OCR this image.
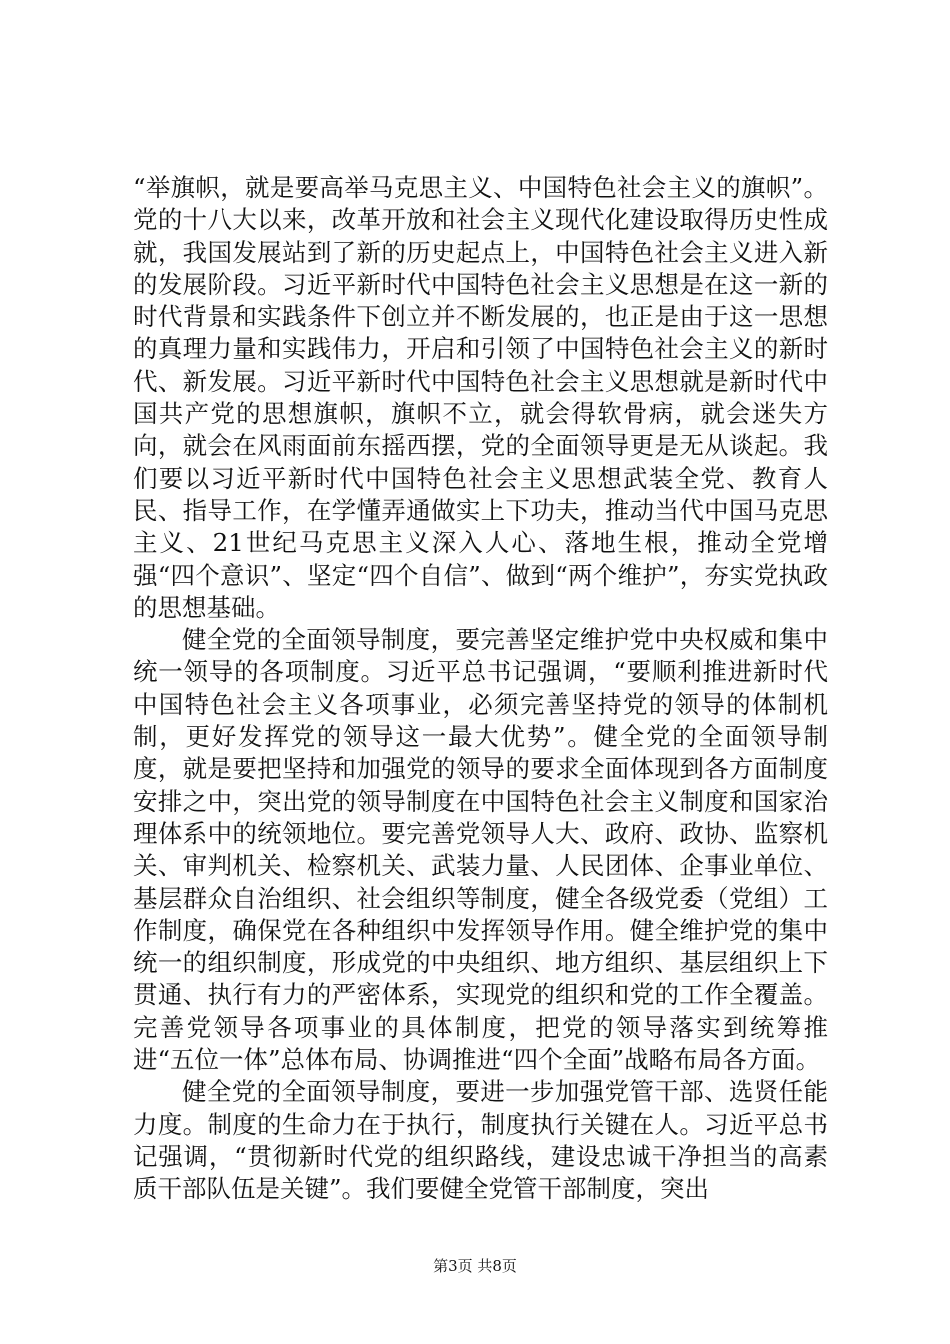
“举旗帜，就是要高举马克思主义、中国特色社会主义的旗帜”。党的十八大以来，改革开放和社会主义现代化建设取得历史性成就，我国发展站到了新的历史起点上，中国特色社会主义进入新的发展阶段。习近平新时代中国特色社会主义思想是在这一新的时代背景和实践条件下创立并不断发展的，也正是由于这一思想的真理力量和实践伟力，开启和引领了中国特色社会主义的新时代、新发展。习近平新时代中国特色社会主义思想就是新时代中国共产党的思想旗帜，旗帜不立，就会得软骨病，就会迷失方向，就会在风雨面前东摇西摆，党的全面领导更是无从谈起。我们要以习近平新时代中国特色社会主义思想武装全党、教育人民、指导工作，在学懂弄通做实上下功夫，推动当代中国马克思主义、21世纪马克思主义深入人心、落地生根，推动全党增强“四个意识”、坚定“四个自信”、做到“两个维护”，夯实党执政的思想基础。

健全党的全面领导制度，要完善坚定维护党中央权威和集中统一领导的各项制度。习近平总书记强调，“要顺利推进新时代中国特色社会主义各项事业，必须完善坚持党的领导的体制机制，更好发挥党的领导这一最大优势”。健全党的全面领导制度，就是要把坚持和加强党的领导的要求全面体现到各方面制度安排之中，突出党的领导制度在中国特色社会主义制度和国家治理体系中的统领地位。要完善党领导人大、政府、政协、监察机关、审判机关、检察机关、武装力量、人民团体、企事业单位、基层群众自治组织、社会组织等制度，健全各级党委（党组）工作制度，确保党在各种组织中发挥领导作用。健全维护党的集中统一的组织制度，形成党的中央组织、地方组织、基层组织上下贯通、执行有力的严密体系，实现党的组织和党的工作全覆盖。完善党领导各项事业的具体制度，把党的领导落实到统筹推进“五位一体”总体布局、协调推进“四个全面”战略布局各方面。

健全党的全面领导制度，要进一步加强党管干部、选贤任能力度。制度的生命力在于执行，制度执行关键在人。习近平总书记强调，“贯彻新时代党的组织路线，建设忠诚干净担当的高素质干部队伍是关键”。我们要健全党管干部制度，突出

第3页 共8页
